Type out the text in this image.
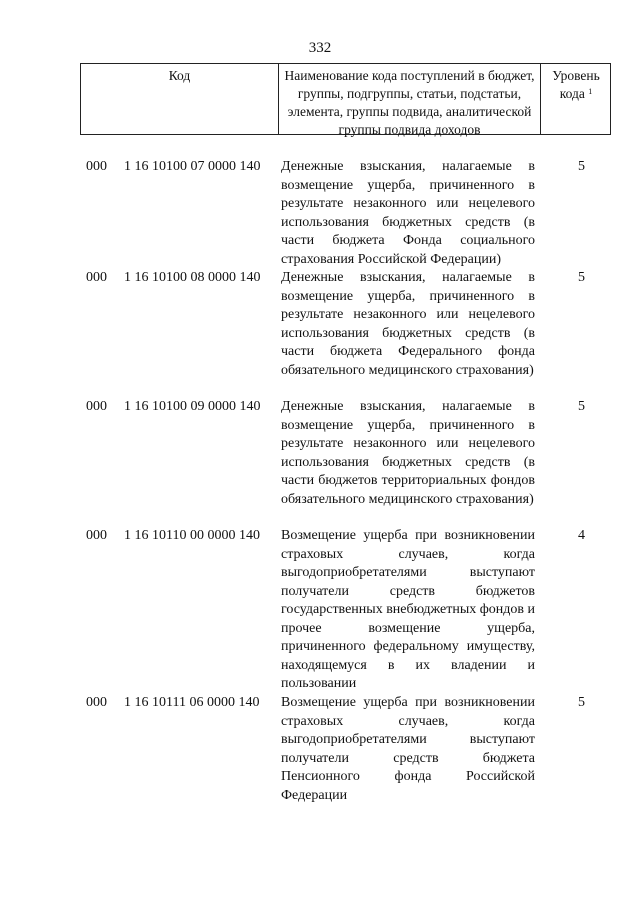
332
Код	Наименование кода поступлений в бюджет, группы, подгруппы, статьи, подстатьи, элемента, группы подвида, аналитической группы подвида доходов
Уровень кода $^1$
000 1 16 10100 07 0000 140 Денежные взыскания, налагаемые в возмещение ущерба, причиненного в результате незаконного или нецелевого использования бюджетных средств (в части бюджета Фонда социального страхования Российской Федерации)
5
000 1 16 10100 08 0000 140 Денежные взыскания, налагаемые в возмещение ущерба, причиненного в результате незаконного или нецелевого использования бюджетных средств (в части бюджета Федерального фонда обязательного медицинского страхования)
5
000 1 16 10100 09 0000 140 Денежные взыскания, налагаемые в возмещение ущерба, причиненного в результате незаконного или нецелевого использования бюджетных средств (в части бюджетов территориальных фондов обязательного медицинского страхования)
5
000 1 16 10110 00 0000 140 Возмещение ущерба при возникновении страховых случаев, когда выгодоприобретателями выступают получатели средств бюджетов государственных внебюджетных фондов и прочее возмещение ущерба, причиненного федеральному имуществу, находящемуся в их владении и пользовании
4
000 1 16 10111 06 0000 140 Возмещение ущерба при возникновении страховых случаев, когда выгодоприобретателями выступают получатели средств бюджета Пенсионного фонда Российской Федерации
5
